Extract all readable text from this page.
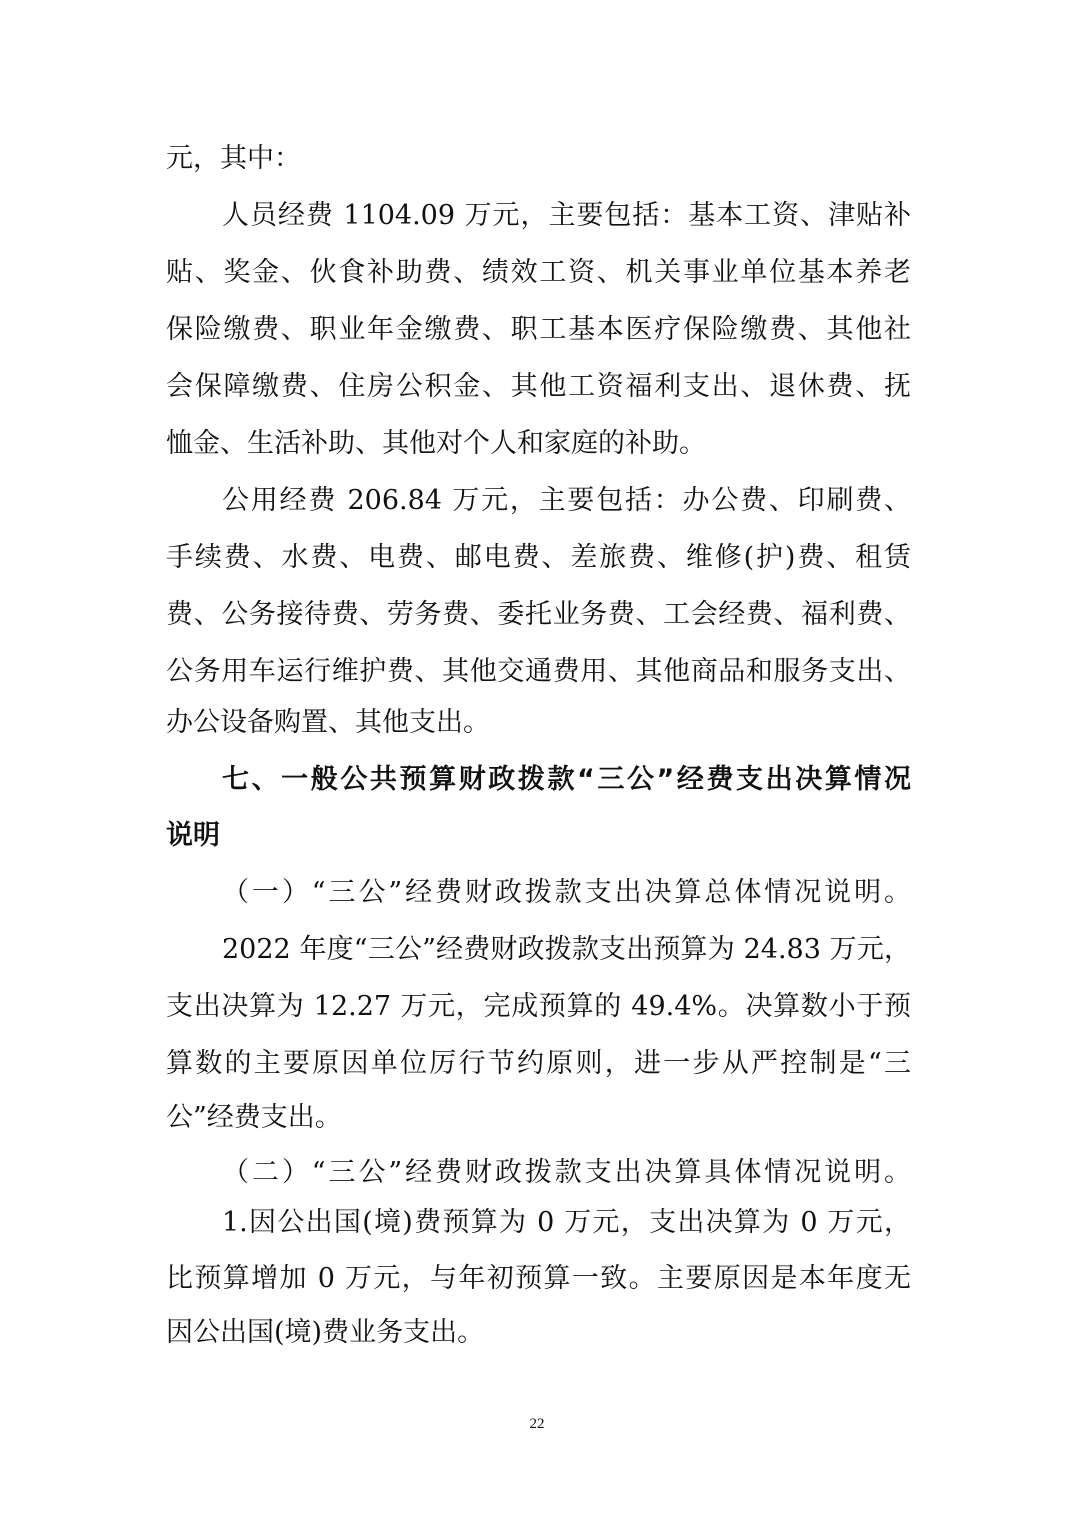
元，其中：
人员经费 1104.09 万元，主要包括：基本工资、津贴补
贴、奖金、伙食补助费、绩效工资、机关事业单位基本养老
保险缴费、职业年金缴费、职工基本医疗保险缴费、其他社
会保障缴费、住房公积金、其他工资福利支出、退休费、抚
恤金、生活补助、其他对个人和家庭的补助。
公用经费 206.84 万元，主要包括：办公费、印刷费、
手续费、水费、电费、邮电费、差旅费、维修(护)费、租赁
费、公务接待费、劳务费、委托业务费、工会经费、福利费、
公务用车运行维护费、其他交通费用、其他商品和服务支出、
办公设备购置、其他支出。
七、一般公共预算财政拨款“三公”经费支出决算情况
说明
（一）“三公”经费财政拨款支出决算总体情况说明。
2022 年度“三公”经费财政拨款支出预算为 24.83 万元，
支出决算为 12.27 万元，完成预算的 49.4%。决算数小于预
算数的主要原因单位厉行节约原则，进一步从严控制是“三
公”经费支出。
（二）“三公”经费财政拨款支出决算具体情况说明。
1.因公出国(境)费预算为 0 万元，支出决算为 0 万元，
比预算增加 0 万元，与年初预算一致。主要原因是本年度无
因公出国(境)费业务支出。
22
